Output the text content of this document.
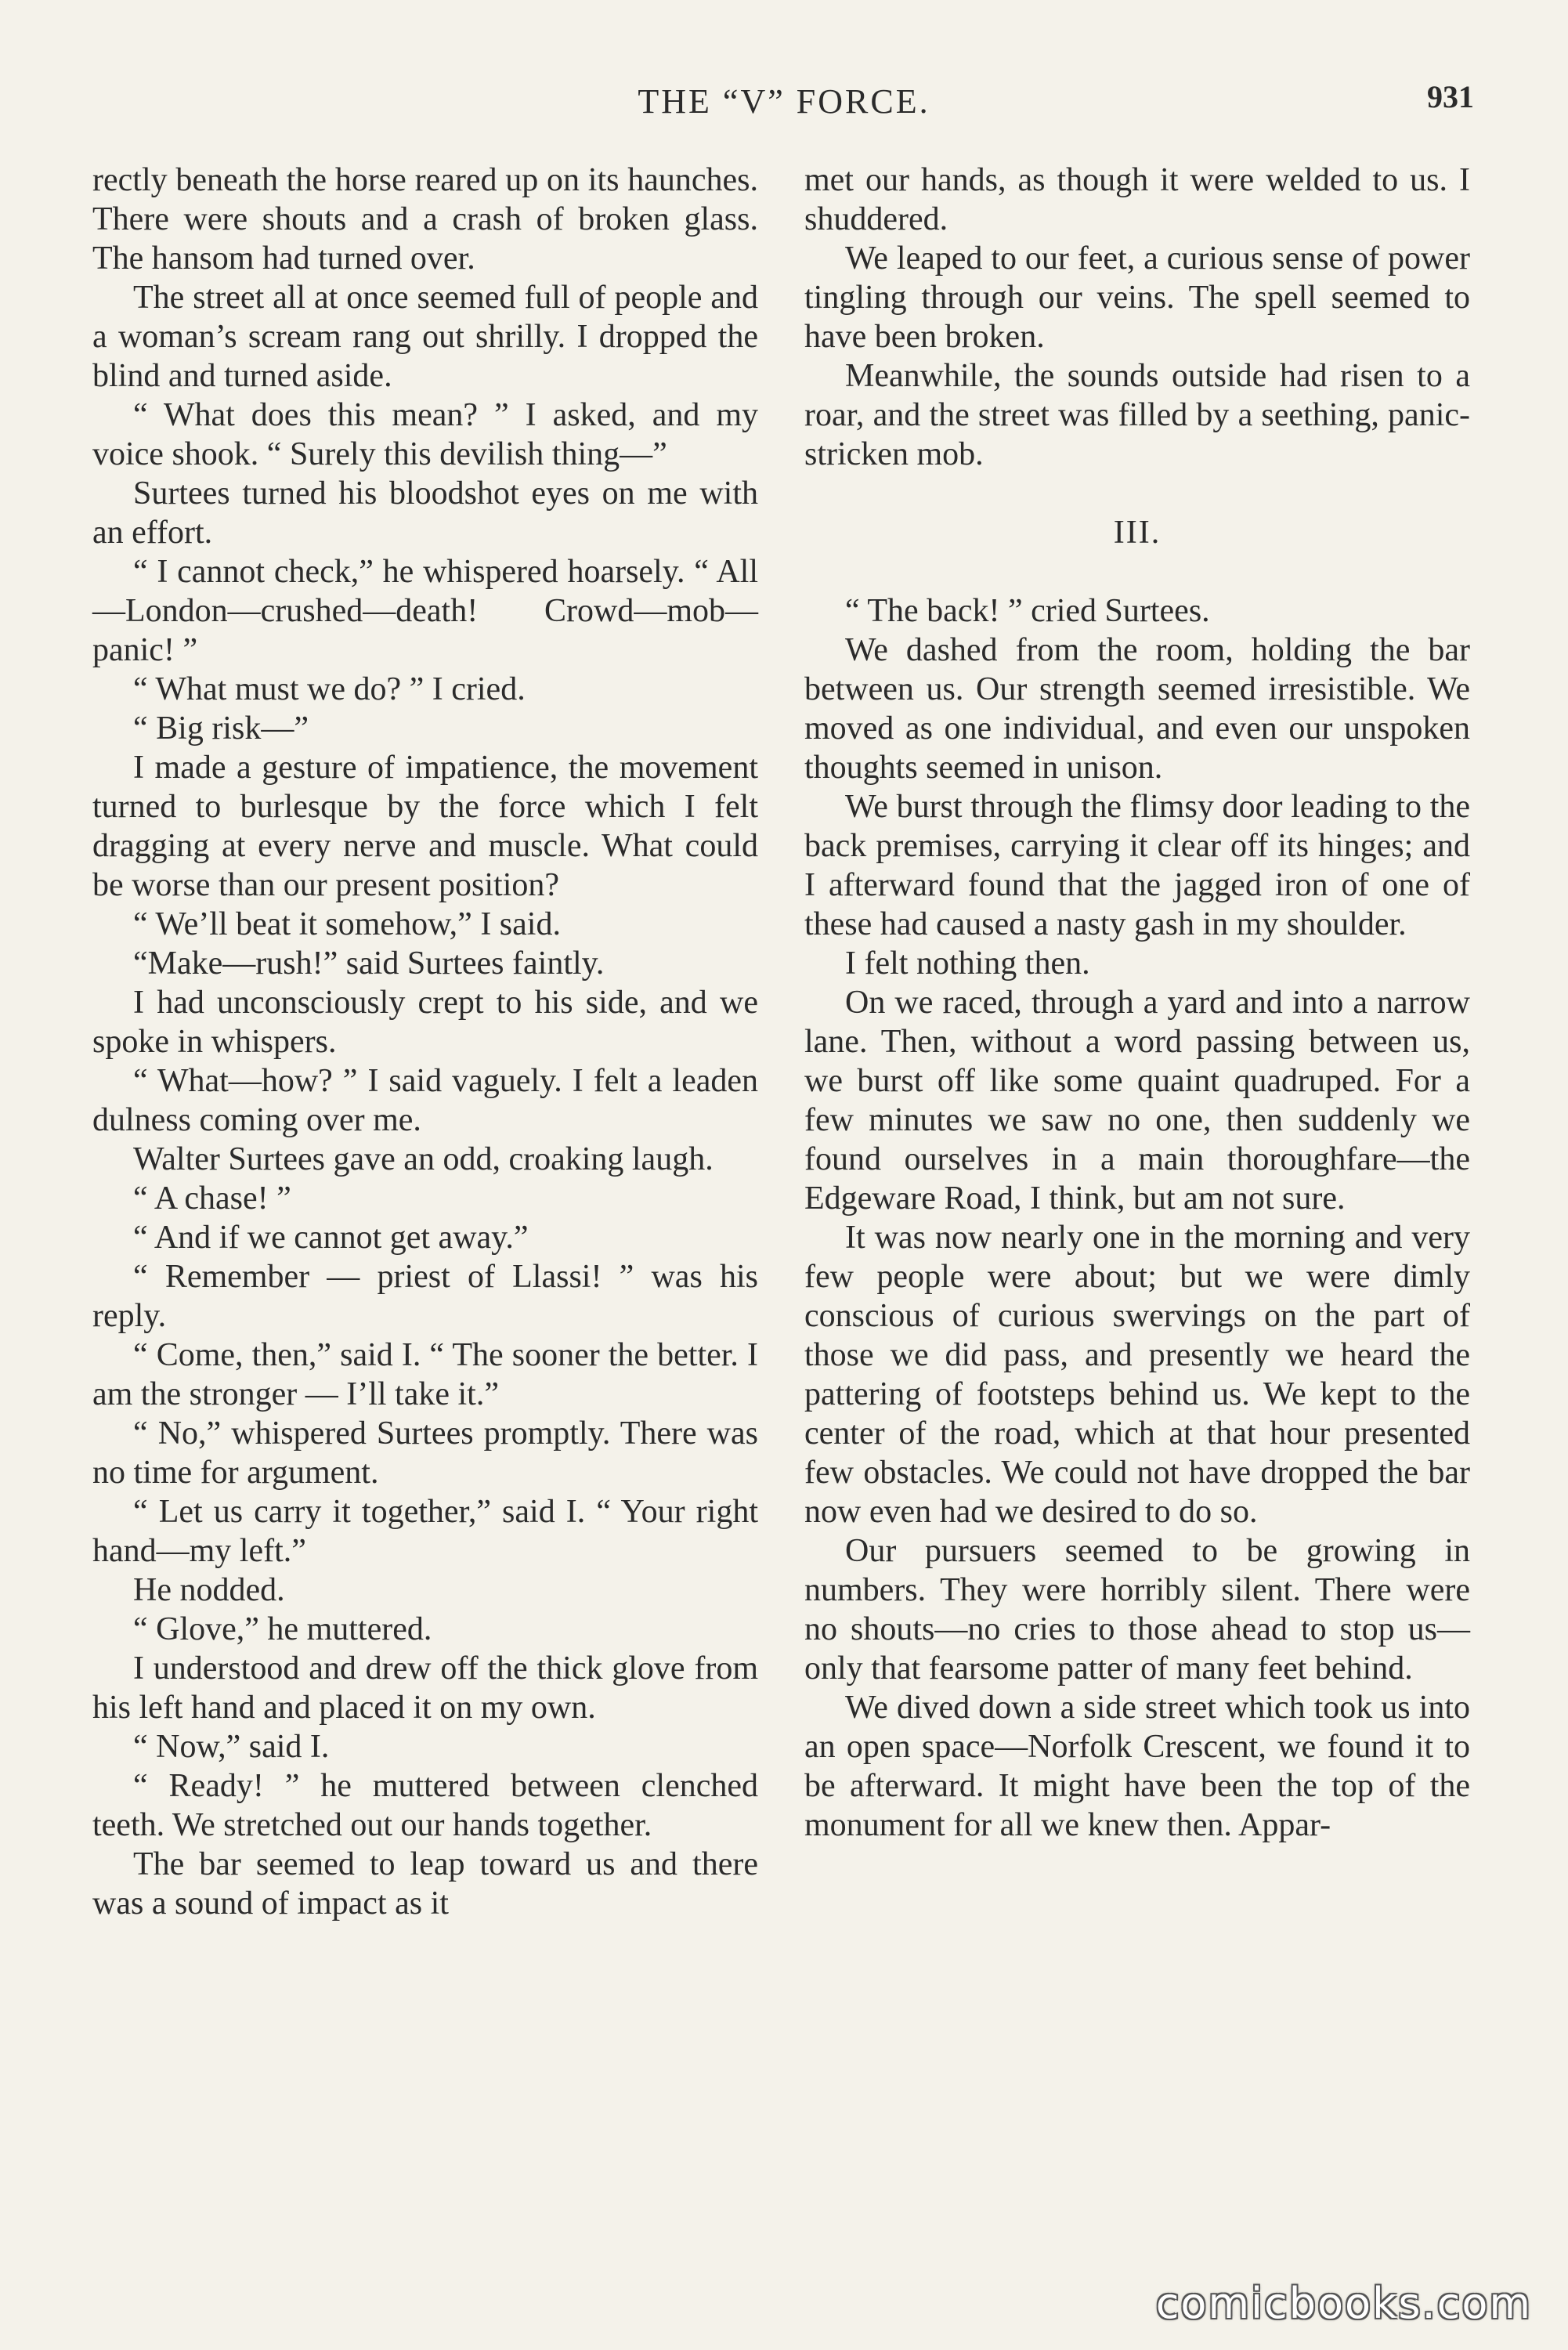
THE “V” FORCE.	931

rectly beneath the horse reared up on its haunches. There were shouts and a crash of broken glass. The hansom had turned over.

The street all at once seemed full of people and a woman’s scream rang out shrilly. I dropped the blind and turned aside.

“ What does this mean? ” I asked, and my voice shook. “ Surely this devilish thing—”

Surtees turned his bloodshot eyes on me with an effort.

“ I cannot check,” he whispered hoarsely. “ All—London—crushed—death! Crowd—mob—panic! ”

“ What must we do? ” I cried.

“ Big risk—”

I made a gesture of impatience, the movement turned to burlesque by the force which I felt dragging at every nerve and muscle. What could be worse than our present position?

“ We’ll beat it somehow,” I said.

“Make—rush!” said Surtees faintly.

I had unconsciously crept to his side, and we spoke in whispers.

“ What—how? ” I said vaguely. I felt a leaden dulness coming over me.

Walter Surtees gave an odd, croaking laugh.

“ A chase! ”

“ And if we cannot get away.”

“ Remember — priest of Llassi! ” was his reply.

“ Come, then,” said I. “ The sooner the better. I am the stronger — I’ll take it.”

“ No,” whispered Surtees promptly. There was no time for argument.

“ Let us carry it together,” said I. “ Your right hand—my left.”

He nodded.

“ Glove,” he muttered.

I understood and drew off the thick glove from his left hand and placed it on my own.

“ Now,” said I.

“ Ready! ” he muttered between clenched teeth. We stretched out our hands together.

The bar seemed to leap toward us and there was a sound of impact as it

met our hands, as though it were welded to us. I shuddered.

We leaped to our feet, a curious sense of power tingling through our veins. The spell seemed to have been broken.

Meanwhile, the sounds outside had risen to a roar, and the street was filled by a seething, panic-stricken mob.

III.

“ The back! ” cried Surtees.

We dashed from the room, holding the bar between us. Our strength seemed irresistible. We moved as one individual, and even our unspoken thoughts seemed in unison.

We burst through the flimsy door leading to the back premises, carrying it clear off its hinges; and I afterward found that the jagged iron of one of these had caused a nasty gash in my shoulder.

I felt nothing then.

On we raced, through a yard and into a narrow lane. Then, without a word passing between us, we burst off like some quaint quadruped. For a few minutes we saw no one, then suddenly we found ourselves in a main thoroughfare—the Edgeware Road, I think, but am not sure.

It was now nearly one in the morning and very few people were about; but we were dimly conscious of curious swervings on the part of those we did pass, and presently we heard the pattering of footsteps behind us. We kept to the center of the road, which at that hour presented few obstacles. We could not have dropped the bar now even had we desired to do so.

Our pursuers seemed to be growing in numbers. They were horribly silent. There were no shouts—no cries to those ahead to stop us—only that fearsome patter of many feet behind.

We dived down a side street which took us into an open space—Norfolk Crescent, we found it to be afterward. It might have been the top of the monument for all we knew then. Appar-

comicbooks.com
